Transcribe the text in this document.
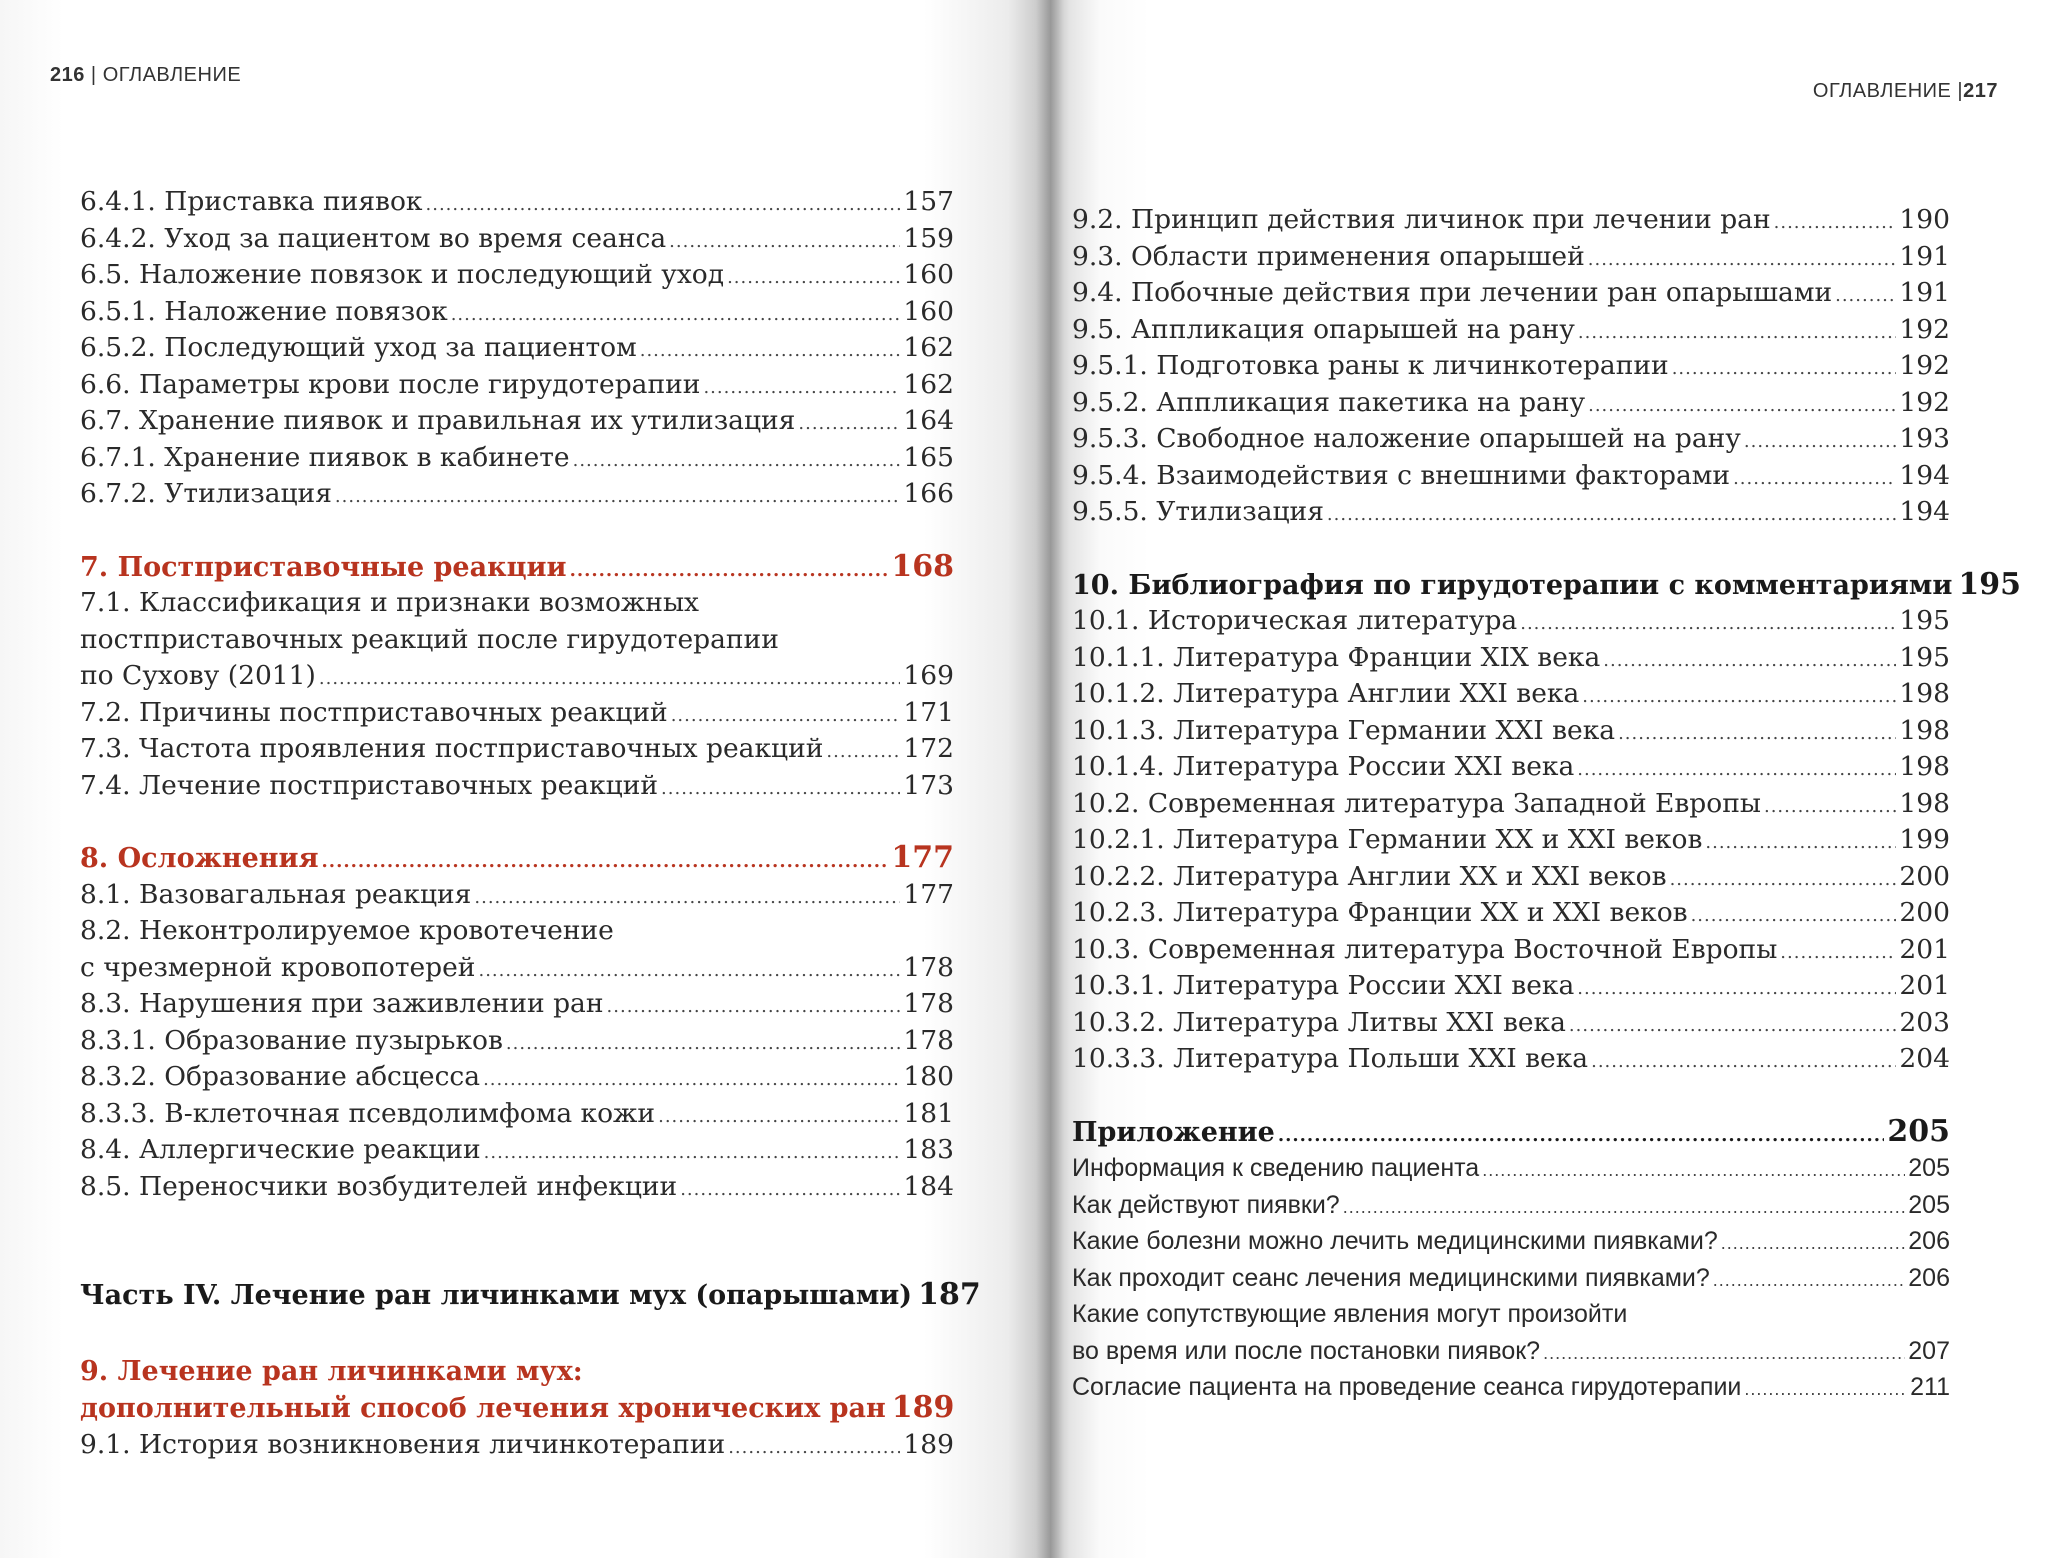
216 | ОГЛАВЛЕНИЕ
6.4.1. Приставка пиявок .....	157
6.4.2. Уход за пациентом во время сеанса .....	159
6.5. Наложение повязок и последующий уход .....	160
6.5.1. Наложение повязок .....	160
6.5.2. Последующий уход за пациентом .....	162
6.6. Параметры крови после гирудотерапии .....	162
6.7. Хранение пиявок и правильная их утилизация .....	164
6.7.1. Хранение пиявок в кабинете .....	165
6.7.2. Утилизация .....	166
7. Постприставочные реакции .....	168
7.1. Классификация и признаки возможных
постприставочных реакций после гирудотерапии
по Сухову (2011) .....	169
7.2. Причины постприставочных реакций .....	171
7.3. Частота проявления постприставочных реакций .....	172
7.4. Лечение постприставочных реакций .....	173
8. Осложнения .....	177
8.1. Вазовагальная реакция .....	177
8.2. Неконтролируемое кровотечение
с чрезмерной кровопотерей .....	178
8.3. Нарушения при заживлении ран .....	178
8.3.1. Образование пузырьков .....	178
8.3.2. Образование абсцесса .....	180
8.3.3. В-клеточная псевдолимфома кожи .....	181
8.4. Аллергические реакции .....	183
8.5. Переносчики возбудителей инфекции .....	184
Часть IV. Лечение ран личинками мух (опарышами) 187
9. Лечение ран личинками мух:
дополнительный способ лечения хронических ран 189
9.1. История возникновения личинкотерапии .....	189
ОГЛАВЛЕНИЕ |217
9.2. Принцип действия личинок при лечении ран .....	190
9.3. Области применения опарышей .....	191
9.4. Побочные действия при лечении ран опарышами .....	191
9.5. Аппликация опарышей на рану .....	192
9.5.1. Подготовка раны к личинкотерапии .....	192
9.5.2. Аппликация пакетика на рану .....	192
9.5.3. Свободное наложение опарышей на рану .....	193
9.5.4. Взаимодействия с внешними факторами .....	194
9.5.5. Утилизация .....	194
10. Библиография по гирудотерапии с комментариями 195
10.1. Историческая литература .....	195
10.1.1. Литература Франции XIX века .....	195
10.1.2. Литература Англии XXI века .....	198
10.1.3. Литература Германии XXI века .....	198
10.1.4. Литература России XXI века .....	198
10.2. Современная литература Западной Европы .....	198
10.2.1. Литература Германии XX и XXI веков .....	199
10.2.2. Литература Англии XX и XXI веков .....	200
10.2.3. Литература Франции XX и XXI веков .....	200
10.3. Современная литература Восточной Европы .....	201
10.3.1. Литература России XXI века .....	201
10.3.2. Литература Литвы XXI века .....	203
10.3.3. Литература Польши XXI века .....	204
Приложение .....	205
Информация к сведению пациента .....	205
Как действуют пиявки? .....	205
Какие болезни можно лечить медицинскими пиявками? .....	206
Как проходит сеанс лечения медицинскими пиявками? .....	206
Какие сопутствующие явления могут произойти
во время или после постановки пиявок? .....	207
Согласие пациента на проведение сеанса гирудотерапии .....	211
